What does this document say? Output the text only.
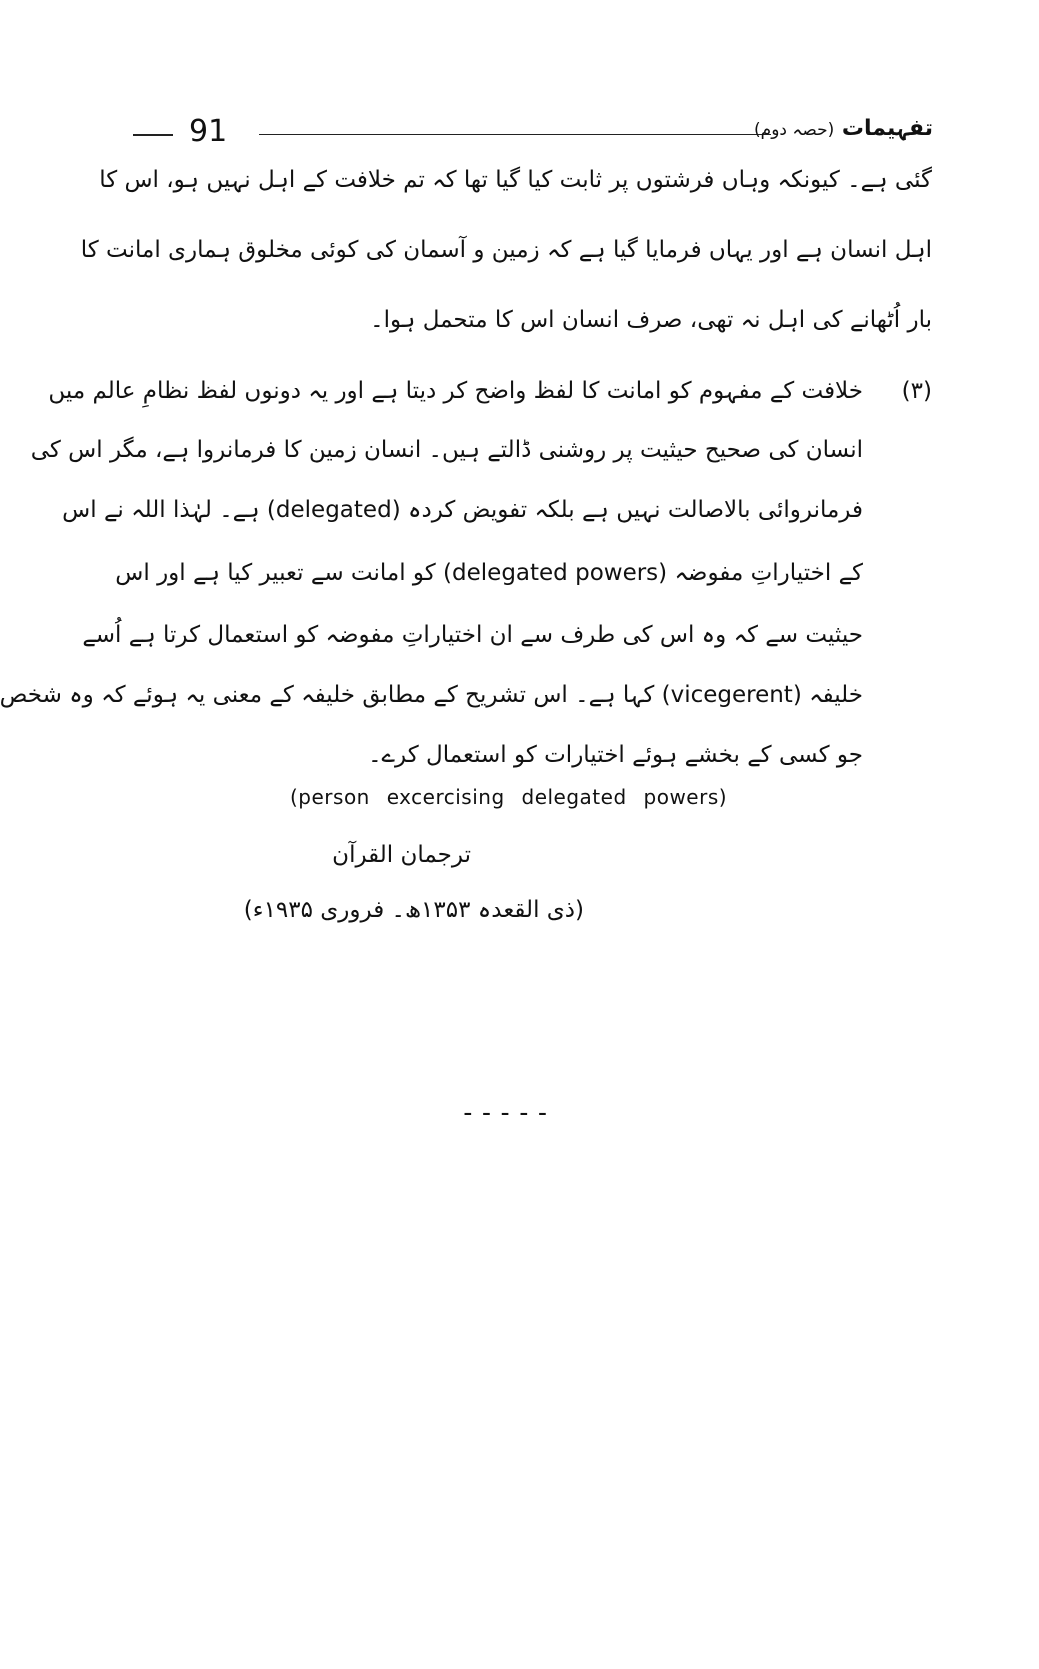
91	تفہیمات (حصہ دوم)
گئی ہے۔ کیونکہ وہاں فرشتوں پر ثابت کیا گیا تھا کہ تم خلافت کے اہل نہیں ہو، اس کا
اہل انسان ہے اور یہاں فرمایا گیا ہے کہ زمین و آسمان کی کوئی مخلوق ہماری امانت کا
بار اُٹھانے کی اہل نہ تھی، صرف انسان اس کا متحمل ہوا۔
(۳)
خلافت کے مفہوم کو امانت کا لفظ واضح کر دیتا ہے اور یہ دونوں لفظ نظامِ عالم میں
انسان کی صحیح حیثیت پر روشنی ڈالتے ہیں۔ انسان زمین کا فرمانروا ہے، مگر اس کی
فرمانروائی بالاصالت نہیں ہے بلکہ تفویض کردہ (delegated) ہے۔ لہٰذا اللہ نے اس
کے اختیاراتِ مفوضہ (delegated powers) کو امانت سے تعبیر کیا ہے اور اس
حیثیت سے کہ وہ اس کی طرف سے ان اختیاراتِ مفوضہ کو استعمال کرتا ہے اُسے
خلیفہ (vicegerent) کہا ہے۔ اس تشریح کے مطابق خلیفہ کے معنی یہ ہوئے کہ وہ شخص
جو کسی کے بخشے ہوئے اختیارات کو استعمال کرے۔
(person excercising delegated powers)
ترجمان القرآن
(ذی القعدہ ۱۳۵۳ھ۔ فروری ۱۹۳۵ء)
-----
